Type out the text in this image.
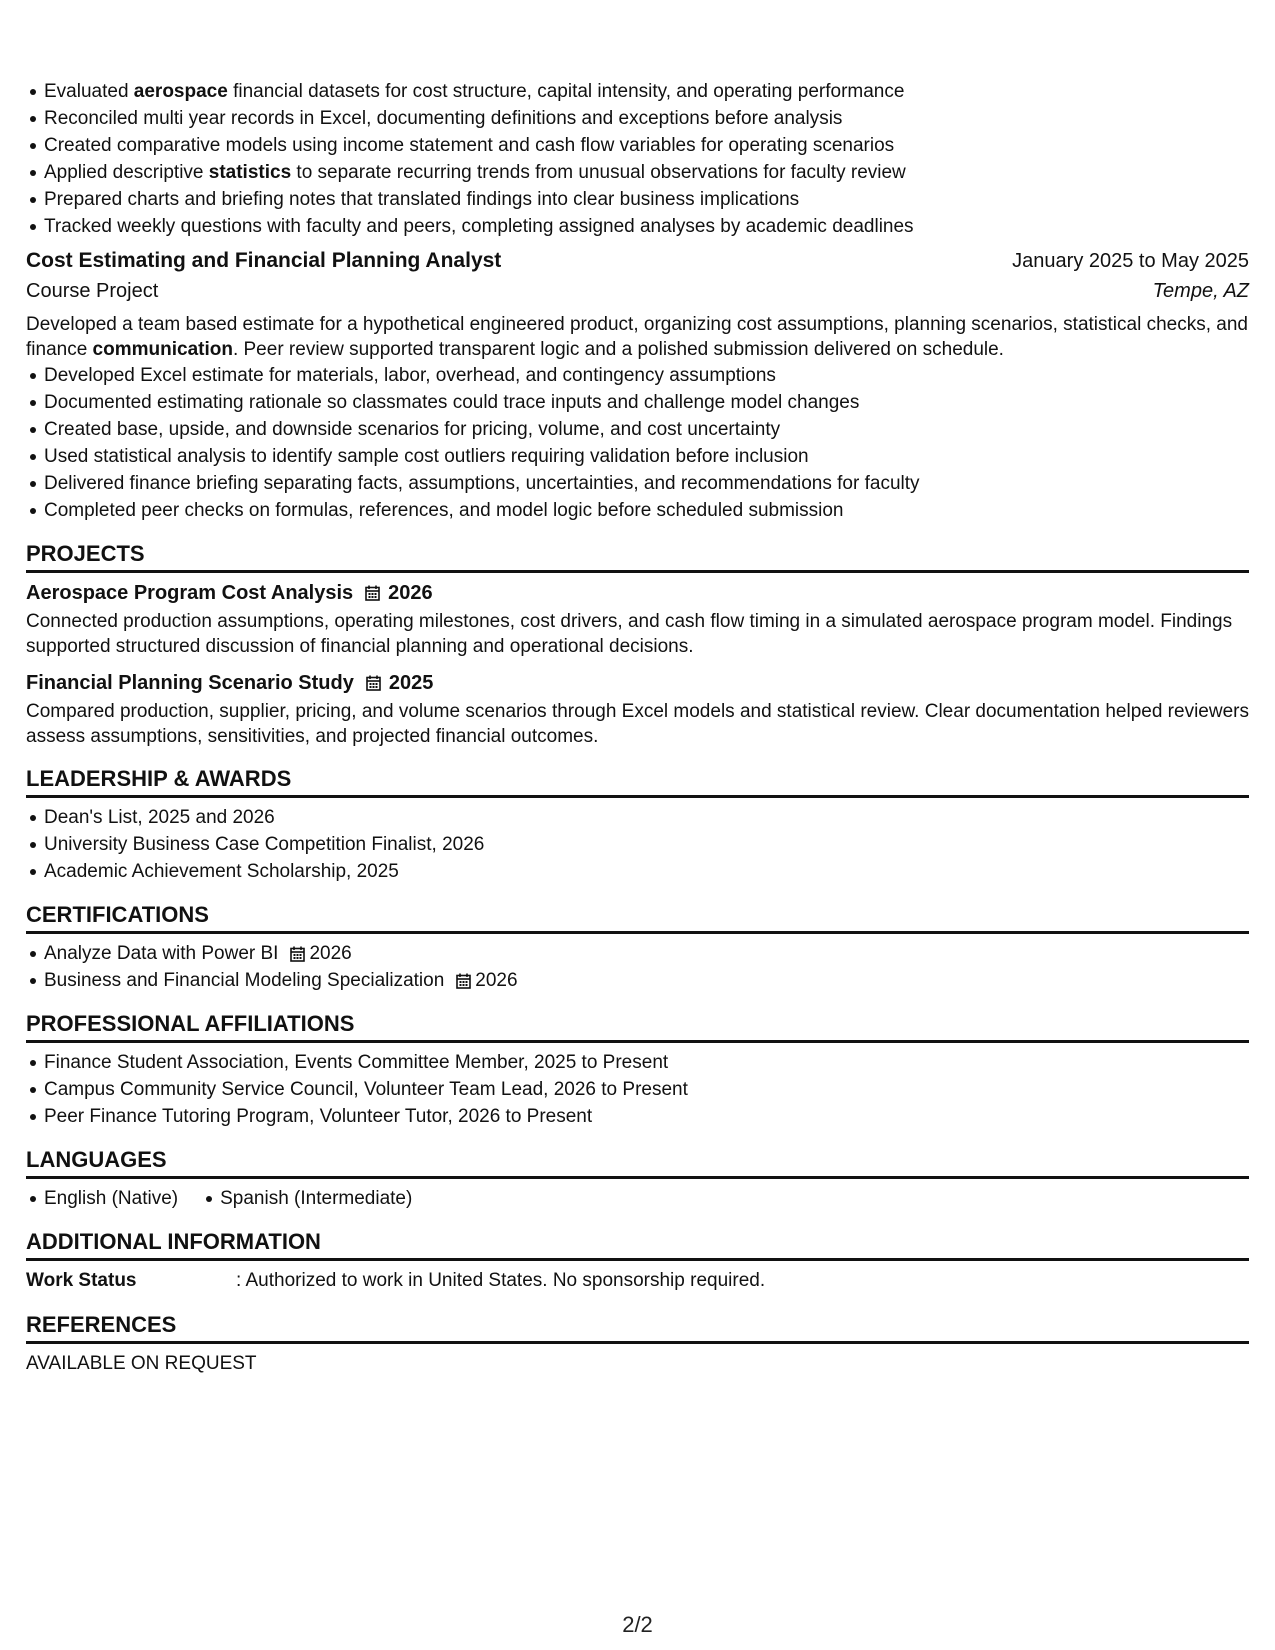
Evaluated aerospace financial datasets for cost structure, capital intensity, and operating performance
Reconciled multi year records in Excel, documenting definitions and exceptions before analysis
Created comparative models using income statement and cash flow variables for operating scenarios
Applied descriptive statistics to separate recurring trends from unusual observations for faculty review
Prepared charts and briefing notes that translated findings into clear business implications
Tracked weekly questions with faculty and peers, completing assigned analyses by academic deadlines
Cost Estimating and Financial Planning Analyst	January 2025 to May 2025
Course Project	Tempe, AZ
Developed a team based estimate for a hypothetical engineered product, organizing cost assumptions, planning scenarios, statistical checks, and finance communication. Peer review supported transparent logic and a polished submission delivered on schedule.
Developed Excel estimate for materials, labor, overhead, and contingency assumptions
Documented estimating rationale so classmates could trace inputs and challenge model changes
Created base, upside, and downside scenarios for pricing, volume, and cost uncertainty
Used statistical analysis to identify sample cost outliers requiring validation before inclusion
Delivered finance briefing separating facts, assumptions, uncertainties, and recommendations for faculty
Completed peer checks on formulas, references, and model logic before scheduled submission
PROJECTS
Aerospace Program Cost Analysis 2026
Connected production assumptions, operating milestones, cost drivers, and cash flow timing in a simulated aerospace program model. Findings supported structured discussion of financial planning and operational decisions.
Financial Planning Scenario Study 2025
Compared production, supplier, pricing, and volume scenarios through Excel models and statistical review. Clear documentation helped reviewers assess assumptions, sensitivities, and projected financial outcomes.
LEADERSHIP & AWARDS
Dean's List, 2025 and 2026
University Business Case Competition Finalist, 2026
Academic Achievement Scholarship, 2025
CERTIFICATIONS
Analyze Data with Power BI 2026
Business and Financial Modeling Specialization 2026
PROFESSIONAL AFFILIATIONS
Finance Student Association, Events Committee Member, 2025 to Present
Campus Community Service Council, Volunteer Team Lead, 2026 to Present
Peer Finance Tutoring Program, Volunteer Tutor, 2026 to Present
LANGUAGES
English (Native) Spanish (Intermediate)
ADDITIONAL INFORMATION
Work Status	: Authorized to work in United States. No sponsorship required.
REFERENCES
AVAILABLE ON REQUEST
2/2
